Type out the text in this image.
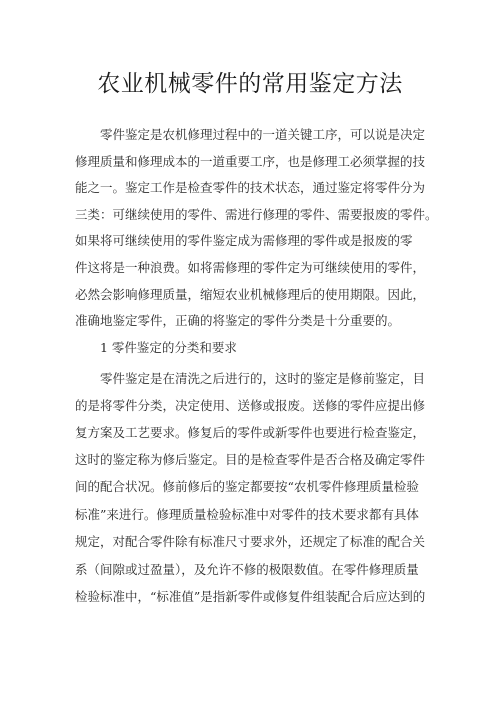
农业机械零件的常用鉴定方法
零件鉴定是农机修理过程中的一道关键工序，可以说是决定
修理质量和修理成本的一道重要工序，也是修理工必须掌握的技
能之一。鉴定工作是检查零件的技术状态，通过鉴定将零件分为
三类：可继续使用的零件、需进行修理的零件、需要报废的零件。
如果将可继续使用的零件鉴定成为需修理的零件或是报废的零
件这将是一种浪费。如将需修理的零件定为可继续使用的零件，
必然会影响修理质量，缩短农业机械修理后的使用期限。因此，
准确地鉴定零件，正确的将鉴定的零件分类是十分重要的。
1 零件鉴定的分类和要求
零件鉴定是在清洗之后进行的，这时的鉴定是修前鉴定，目
的是将零件分类，决定使用、送修或报废。送修的零件应提出修
复方案及工艺要求。修复后的零件或新零件也要进行检查鉴定，
这时的鉴定称为修后鉴定。目的是检查零件是否合格及确定零件
间的配合状况。修前修后的鉴定都要按“农机零件修理质量检验
标准”来进行。修理质量检验标准中对零件的技术要求都有具体
规定，对配合零件除有标准尺寸要求外，还规定了标准的配合关
系（间隙或过盈量），及允许不修的极限数值。在零件修理质量
检验标准中，“标准值”是指新零件或修复件组装配合后应达到的
